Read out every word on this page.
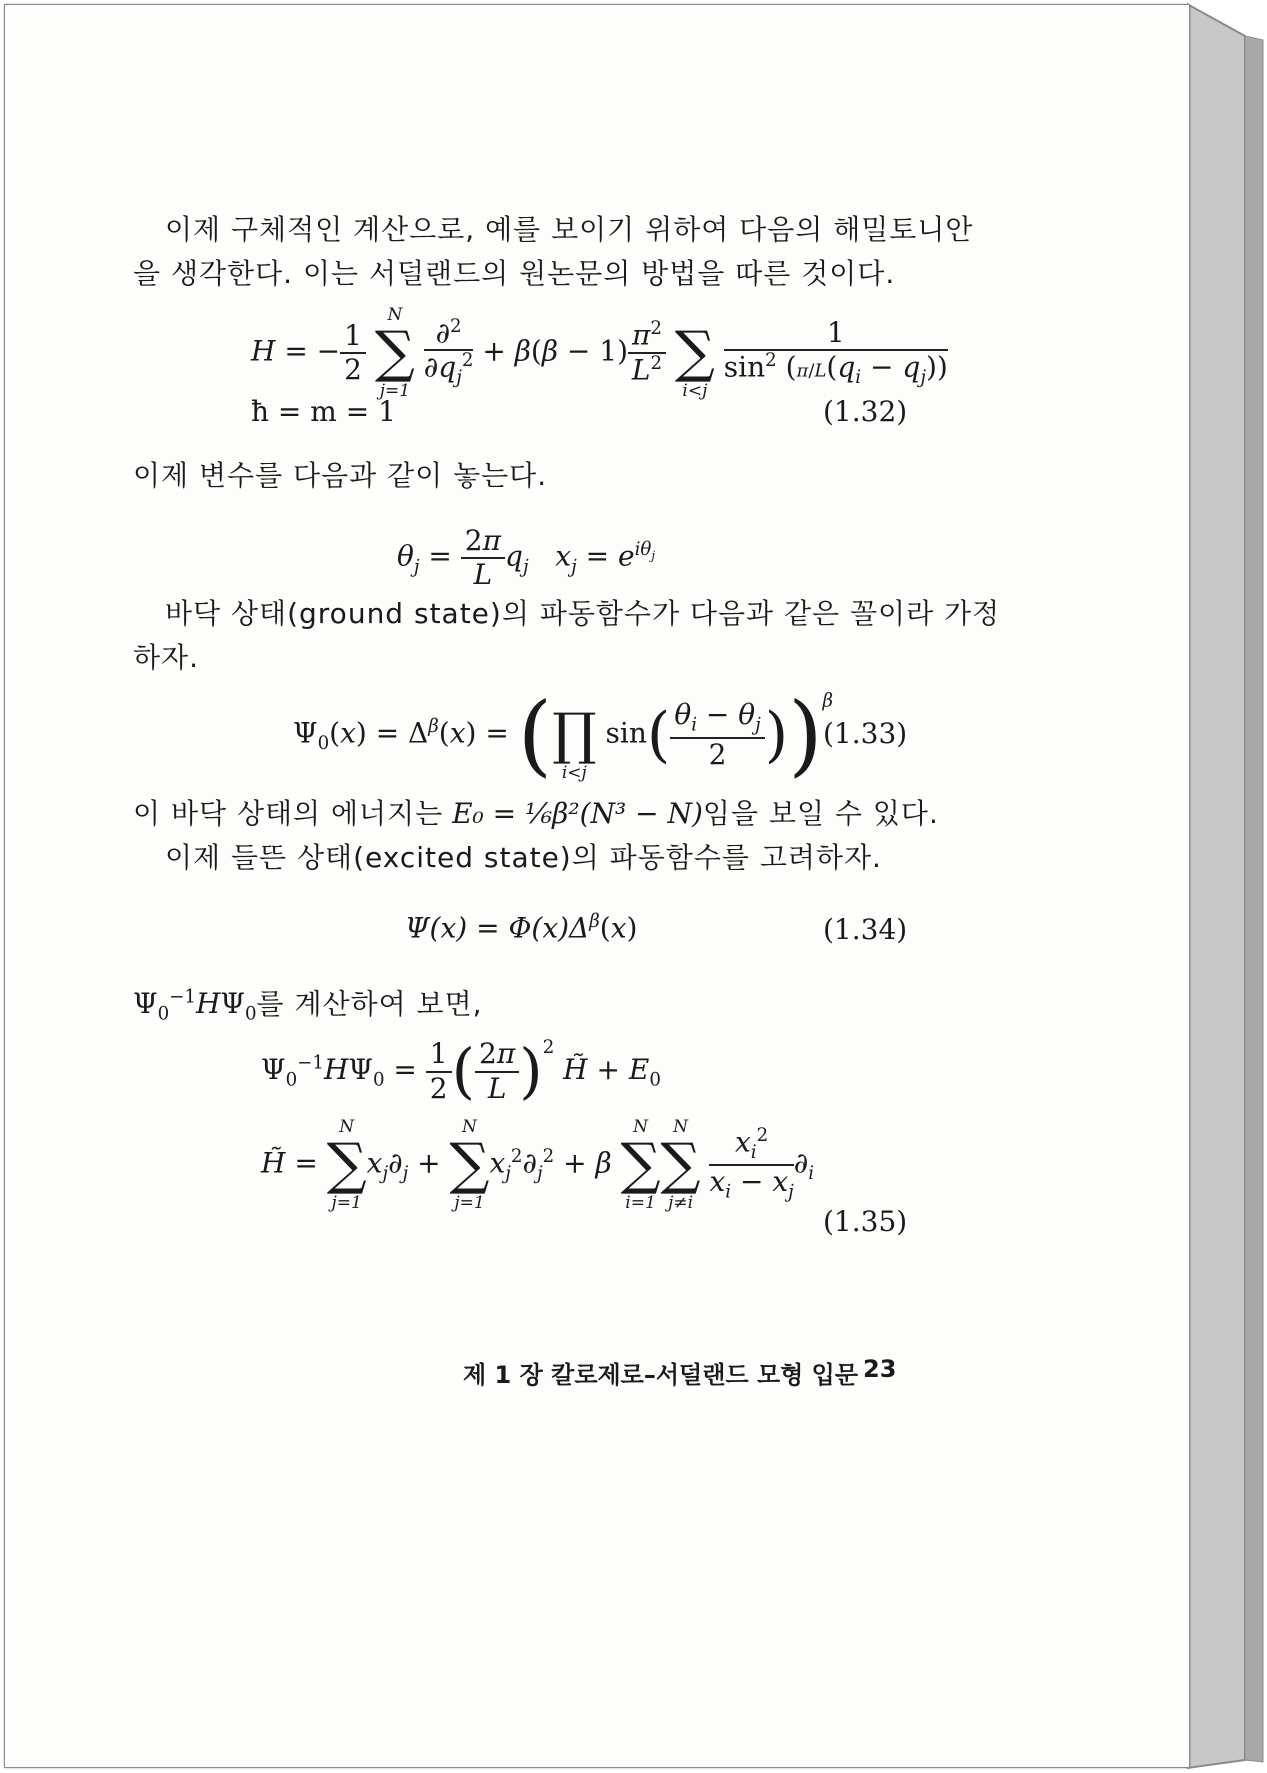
이제 구체적인 계산으로, 예를 보이기 위하여 다음의 해밀토니안
을 생각한다. 이는 서덜랜드의 원논문의 방법을 따른 것이다.
H = − $\frac{1}{2}$

N
∑
j=1

$\frac{\partial^2}{\partial q_j^2} + \beta(\beta - 1) \frac{\pi^2}{L^2}$

∑
i<j

$\frac{1}{\sin^2 (\pi/L(q_i - q_j))}$
ħ = m = 1	(1.32)
이제 변수를 다음과 같이 놓는다.
$\theta_j = \frac{2\pi}{L} q_j$ $x_j = e^{i\theta_j}$
바닥 상태(ground state)의 파동함수가 다음과 같은 꼴이라 가정
하자.
$\Psi_0(x) = \Delta^\beta(x)$ = (
∏
i<j
$\sin( \frac{\theta_i - \theta_j}{2} ))^\beta$
(1.33)
이 바닥 상태의 에너지는 E₀ = ⅙β²(N³ − N)임을 보일 수 있다.
이제 들뜬 상태(excited state)의 파동함수를 고려하자.
$\Psi(x) = \Phi(x)\Delta^\beta(x)$	(1.34)
$\Psi_0^{-1}H\Psi_0$를 계산하여 보면,
$\Psi_0^{-1}H\Psi_0 = \frac{1}{2}$ ( $\frac{2\pi}{L} )^2$ H̃ + $E_0$
H̃ =
N
∑
j=1
$x_j\partial_j$ +
N
∑
j=1
$x_j^2\partial_j^2 + \beta$
N
∑
i=1
N
∑
j≠i
$\frac{x_i^2}{x_i - x_j} \partial_i$
(1.35)
제 1 장 칼로제로–서덜랜드 모형 입문 23
